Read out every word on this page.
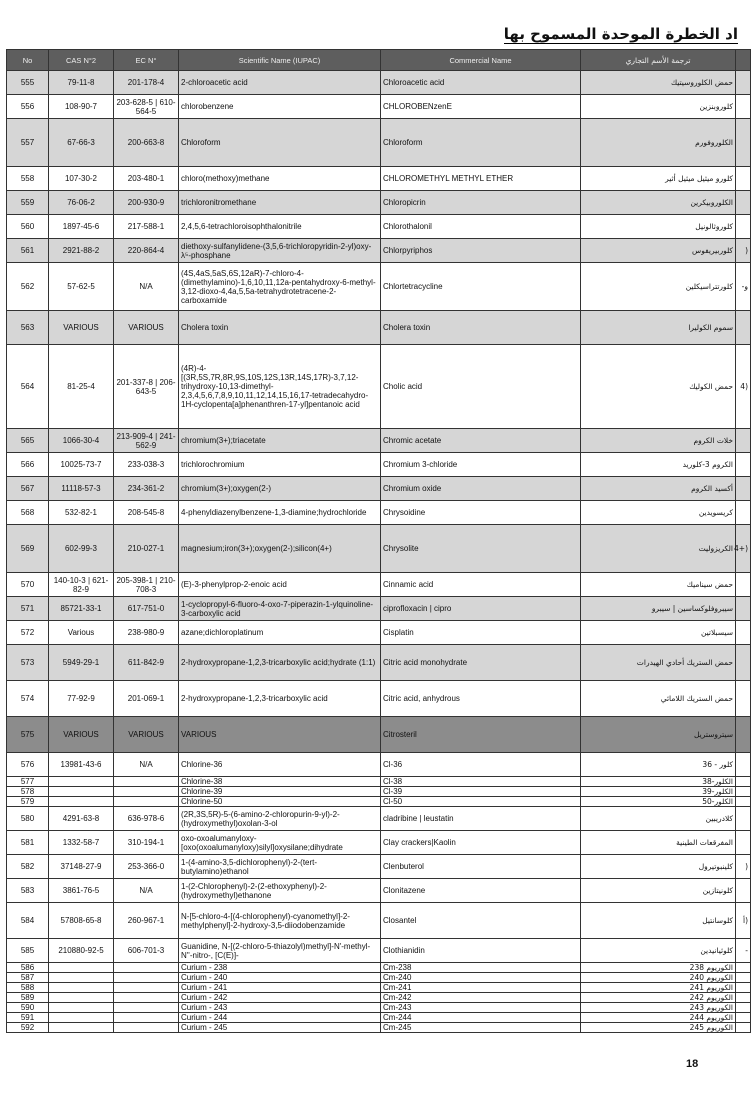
اد الخطرة الموحدة المسموح بها
No	CAS N°2	EC N°	Scientific Name (IUPAC)	Commercial Name	ترجمة الأسم التجاري	
555	79-11-8	201-178-4	2-chloroacetic acid	Chloroacetic acid	حمض الكلوروسيتيك	
556	108-90-7	203-628-5 | 610-564-5	chlorobenzene	CHLOROBENzenE	كلوروبنزين	
557	67-66-3	200-663-8	Chloroform	Chloroform	الكلوروفورم	
558	107-30-2	203-480-1	chloro(methoxy)methane	CHLOROMETHYL METHYL ETHER	كلورو ميثيل ميثيل أثير	
559	76-06-2	200-930-9	trichloronitromethane	Chloropicrin	الكلوروبيكرين	
560	1897-45-6	217-588-1	2,4,5,6-tetrachloroisophthalonitrile	Chlorothalonil	كلوروثالونيل	
561	2921-88-2	220-864-4	diethoxy-sulfanylidene-(3,5,6-trichloropyridin-2-yl)oxy-λ⁵-phosphane	Chlorpyriphos	كلوربيريفوس	(
562	57-62-5	N/A	(4S,4aS,5aS,6S,12aR)-7-chloro-4-(dimethylamino)-1,6,10,11,12a-pentahydroxy-6-methyl-3,12-dioxo-4,4a,5,5a-tetrahydrotetracene-2-carboxamide	Chlortetracycline	كلورتتراسيكلين	و-
563	VARIOUS	VARIOUS	Cholera toxin	Cholera toxin	سموم الكوليرا	
564	81-25-4	201-337-8 | 206-643-5	(4R)-4-[(3R,5S,7R,8R,9S,10S,12S,13R,14S,17R)-3,7,12-trihydroxy-10,13-dimethyl-2,3,4,5,6,7,8,9,10,11,12,14,15,16,17-tetradecahydro-1H-cyclopenta[a]phenanthren-17-yl]pentanoic acid	Cholic acid	حمض الكوليك	(4
565	1066-30-4	213-909-4 | 241-562-9	chromium(3+);triacetate	Chromic acetate	خلات الكروم	
566	10025-73-7	233-038-3	trichlorochromium	Chromium 3-chloride	الكروم 3-كلوريد	
567	11118-57-3	234-361-2	chromium(3+);oxygen(2-)	Chromium oxide	أكسيد الكروم	
568	532-82-1	208-545-8	4-phenyldiazenylbenzene-1,3-diamine;hydrochloride	Chrysoidine	كريسويدين	
569	602-99-3	210-027-1	magnesium;iron(3+);oxygen(2-);silicon(4+)	Chrysolite	الكريزوليت	(+4
570	140-10-3 | 621-82-9	205-398-1 | 210-708-3	(E)-3-phenylprop-2-enoic acid	Cinnamic acid	حمض سيناميك	
571	85721-33-1	617-751-0	1-cyclopropyl-6-fluoro-4-oxo-7-piperazin-1-ylquinoline-3-carboxylic acid	ciprofloxacin | cipro	سيبروفلوكساسين | سيبرو	
572	Various	238-980-9	azane;dichloroplatinum	Cisplatin	سيسبلاتين	
573	5949-29-1	611-842-9	2-hydroxypropane-1,2,3-tricarboxylic acid;hydrate (1:1)	Citric acid monohydrate	حمض الستريك أحادي الهيدرات	
574	77-92-9	201-069-1	2-hydroxypropane-1,2,3-tricarboxylic acid	Citric acid, anhydrous	حمض الستريك اللامائي	
575	VARIOUS	VARIOUS	VARIOUS	Citrosteril	سيتروستريل	
576	13981-43-6	N/A	Chlorine-36	Cl-36	كلور - 36	
577			Chlorine-38	Cl-38	الكلور-38	
578			Chlorine-39	Cl-39	الكلور-39	
579			Chlorine-50	Cl-50	الكلور-50	
580	4291-63-8	636-978-6	(2R,3S,5R)-5-(6-amino-2-chloropurin-9-yl)-2-(hydroxymethyl)oxolan-3-ol	cladribine | leustatin	كلادريبين	
581	1332-58-7	310-194-1	oxo-oxoalumanyloxy-[oxo(oxoalumanyloxy)silyl]oxysilane;dihydrate	Clay crackers|Kaolin	المفرقعات الطينية	
582	37148-27-9	253-366-0	1-(4-amino-3,5-dichlorophenyl)-2-(tert-butylamino)ethanol	Clenbuterol	كلينبوتيرول	(
583	3861-76-5	N/A	1-(2-Chlorophenyl)-2-(2-ethoxyphenyl)-2-(hydroxymethyl)ethanone	Clonitazene	كلونيتازين	
584	57808-65-8	260-967-1	N-[5-chloro-4-[(4-chlorophenyl)-cyanomethyl]-2-methylphenyl]-2-hydroxy-3,5-diiodobenzamide	Closantel	كلوسانتيل	(أ
585	210880-92-5	606-701-3	Guanidine, N-[(2-chloro-5-thiazolyl)methyl]-N'-methyl-N''-nitro-, [C(E)]-	Clothianidin	كلوثيانيدين	-
586			Curium - 238	Cm-238	الكوريوم 238	
587			Curium - 240	Cm-240	الكوريوم 240	
588			Curium - 241	Cm-241	الكوريوم 241	
589			Curium - 242	Cm-242	الكوريوم 242	
590			Curium - 243	Cm-243	الكوريوم 243	
591			Curium - 244	Cm-244	الكوريوم 244	
592			Curium - 245	Cm-245	الكوريوم 245	
18
